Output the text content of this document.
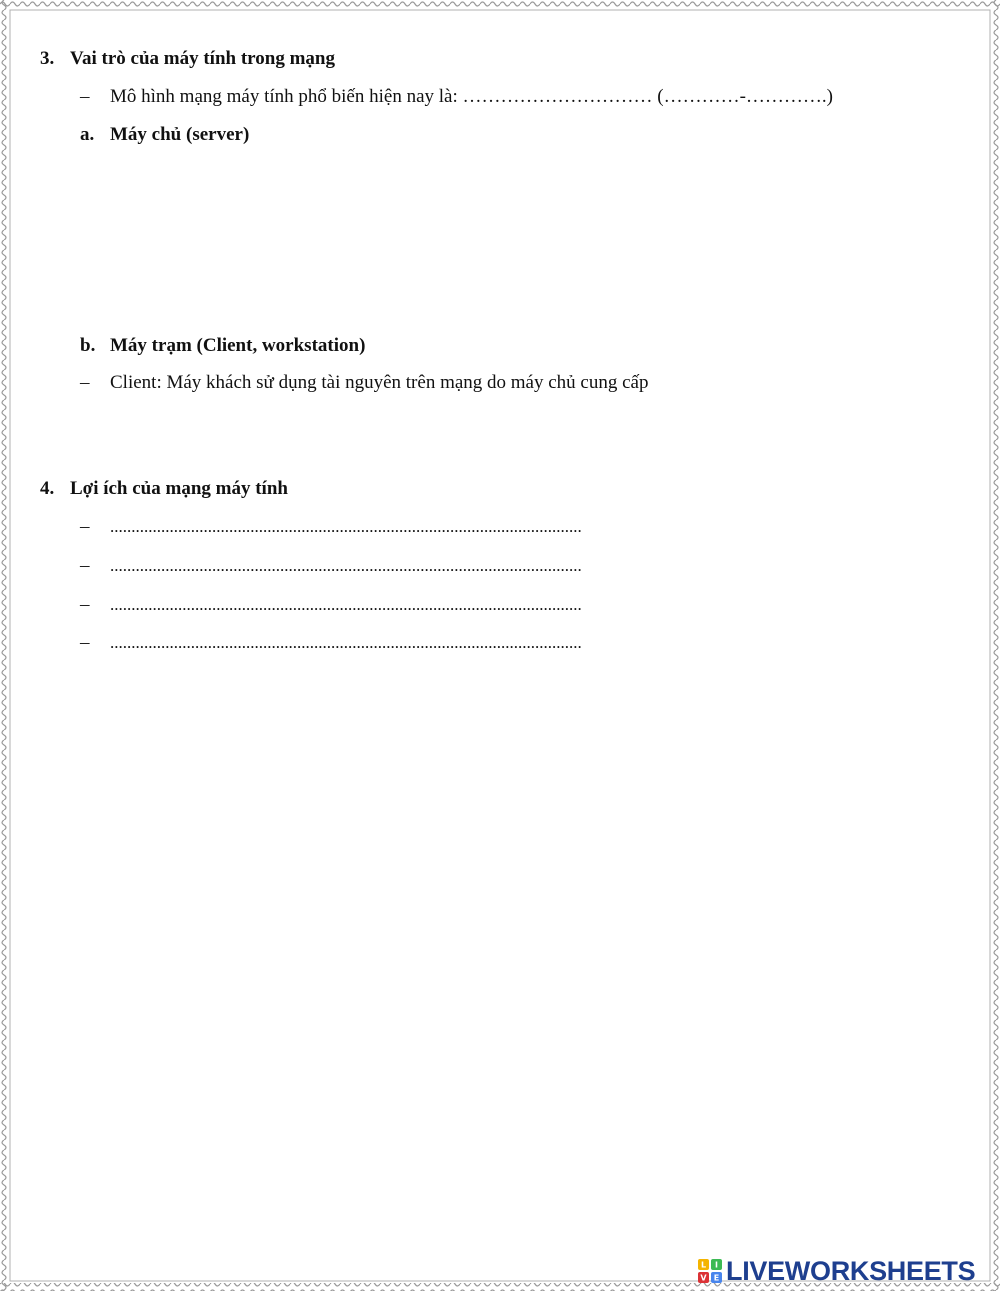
3. Vai trò của máy tính trong mạng
– Mô hình mạng máy tính phổ biến hiện nay là: ………………………… (…………-………….)
a. Máy chủ (server)
b. Máy trạm (Client, workstation)
– Client: Máy khách sử dụng tài nguyên trên mạng do máy chủ cung cấp
4. Lợi ích của mạng máy tính
– ...............................................................................................................
– ...............................................................................................................
– ...............................................................................................................
– ...............................................................................................................
L I
V E LIVEWORKSHEETS
